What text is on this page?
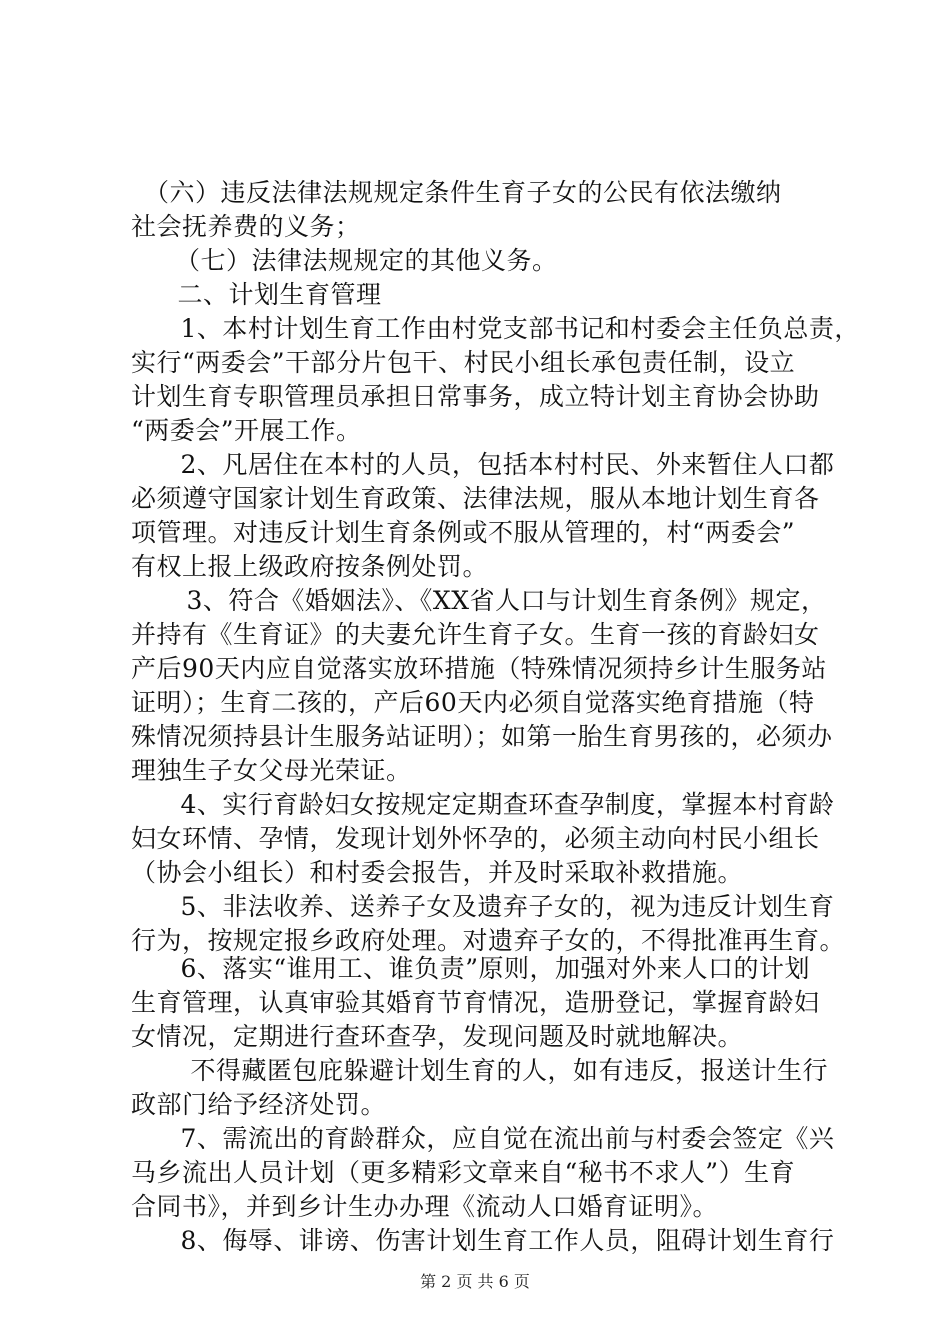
　（六）违反法律法规规定条件生育子女的公民有依法缴纳
社会抚养费的义务；
　（七）法律法规规定的其他义务。
　二、计划生育管理
　1、本村计划生育工作由村党支部书记和村委会主任负总责，
实行“两委会”干部分片包干、村民小组长承包责任制，设立
计划生育专职管理员承担日常事务，成立特计划主育协会协助
“两委会”开展工作。
　2、凡居住在本村的人员，包括本村村民、外来暂住人口都
必须遵守国家计划生育政策、法律法规，服从本地计划生育各
项管理。对违反计划生育条例或不服从管理的，村“两委会”
有权上报上级政府按条例处罚。
　3、符合《婚姻法》、《XX省人口与计划生育条例》规定，
并持有《生育证》的夫妻允许生育子女。生育一孩的育龄妇女
产后90天内应自觉落实放环措施（特殊情况须持乡计生服务站
证明）；生育二孩的，产后60天内必须自觉落实绝育措施（特
殊情况须持县计生服务站证明）；如第一胎生育男孩的，必须办
理独生子女父母光荣证。
　4、实行育龄妇女按规定定期查环查孕制度，掌握本村育龄
妇女环情、孕情，发现计划外怀孕的，必须主动向村民小组长
（协会小组长）和村委会报告，并及时采取补救措施。
　5、非法收养、送养子女及遗弃子女的，视为违反计划生育
行为，按规定报乡政府处理。对遗弃子女的，不得批准再生育。
　6、落实“谁用工、谁负责”原则，加强对外来人口的计划
生育管理，认真审验其婚育节育情况，造册登记，掌握育龄妇
女情况，定期进行查环查孕，发现问题及时就地解决。
　不得藏匿包庇躲避计划生育的人，如有违反，报送计生行
政部门给予经济处罚。
　7、需流出的育龄群众，应自觉在流出前与村委会签定《兴
马乡流出人员计划（更多精彩文章来自“秘书不求人”）生育
合同书》，并到乡计生办办理《流动人口婚育证明》。
　8、侮辱、诽谤、伤害计划生育工作人员，阻碍计划生育行
第 2 页 共 6 页
